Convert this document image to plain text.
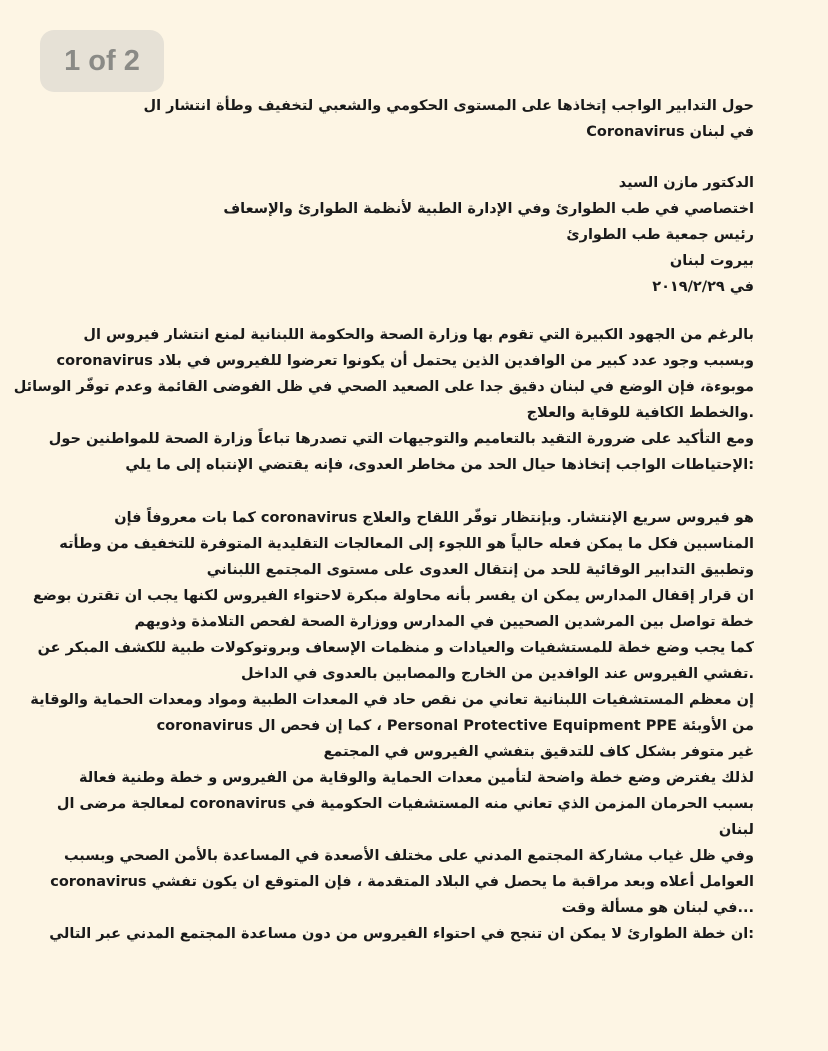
1 of 2

حول التدابير الواجب إتخاذها على المستوى الحكومي والشعبي لتخفيف وطأة انتشار ال

في لبنان Coronavirus

الدكتور مازن السيد

اختصاصي في طب الطوارئ وفي الإدارة الطبية لأنظمة الطوارئ والإسعاف

رئيس جمعية طب الطوارئ

بيروت لبنان

في ٢٠١٩/٢/٢٩

بالرغم من الجهود الكبيرة التي تقوم بها وزارة الصحة والحكومة اللبنانية لمنع انتشار فيروس ال

وبسبب وجود عدد كبير من الوافدين الذين يحتمل أن يكونوا تعرضوا للفيروس في بلاد coronavirus

موبوءة، فإن الوضع في لبنان دقيق جدا على الصعيد الصحي في ظل الفوضى القائمة وعدم توفّر الوسائل

.والخطط الكافية للوقاية والعلاج

ومع التأكيد على ضرورة التقيد بالتعاميم والتوجيهات التي تصدرها تباعاً وزارة الصحة للمواطنين حول

:الإحتياطات الواجب إتخاذها حيال الحد من مخاطر العدوى، فإنه يقتضي الإنتباه إلى ما يلي

هو فيروس سريع الإنتشار. وبإنتظار توفّر اللقاح والعلاج coronavirus كما بات معروفاً فإن

المناسبين فكل ما يمكن فعله حالياً هو اللجوء إلى المعالجات التقليدية المتوفرة للتخفيف من وطأته

وتطبيق التدابير الوقائية للحد من إنتقال العدوى على مستوى المجتمع اللبناني

ان قرار إقفال المدارس يمكن ان يفسر بأنه محاولة مبكرة لاحتواء الفيروس لكنها يجب ان تقترن بوضع

خطة تواصل بين المرشدين الصحيين في المدارس ووزارة الصحة لفحص التلامذة وذويهم

كما يجب وضع خطة للمستشفيات والعيادات و منظمات الإسعاف وبروتوكولات طبية للكشف المبكر عن

.تفشي الفيروس عند الوافدين من الخارج والمصابين بالعدوى في الداخل

إن معظم المستشفيات اللبنانية تعاني من نقص حاد في المعدات الطبية ومواد ومعدات الحماية والوقاية

من الأوبئة Personal Protective Equipment PPE ، كما إن فحص ال coronavirus

غير متوفر بشكل كاف للتدقيق بتفشي الفيروس في المجتمع

لذلك يفترض وضع خطة واضحة لتأمين معدات الحماية والوقاية من الفيروس و خطة وطنية فعالة

بسبب الحرمان المزمن الذي تعاني منه المستشفيات الحكومية في coronavirus لمعالجة مرضى ال

لبنان

وفي ظل غياب مشاركة المجتمع المدني على مختلف الأصعدة في المساعدة بالأمن الصحي وبسبب

العوامل أعلاه وبعد مراقبة ما يحصل في البلاد المتقدمة ، فإن المتوقع ان يكون تفشي coronavirus

...في لبنان هو مسألة وقت

:ان خطة الطوارئ لا يمكن ان تنجح في احتواء الفيروس من دون مساعدة المجتمع المدني عبر التالي
